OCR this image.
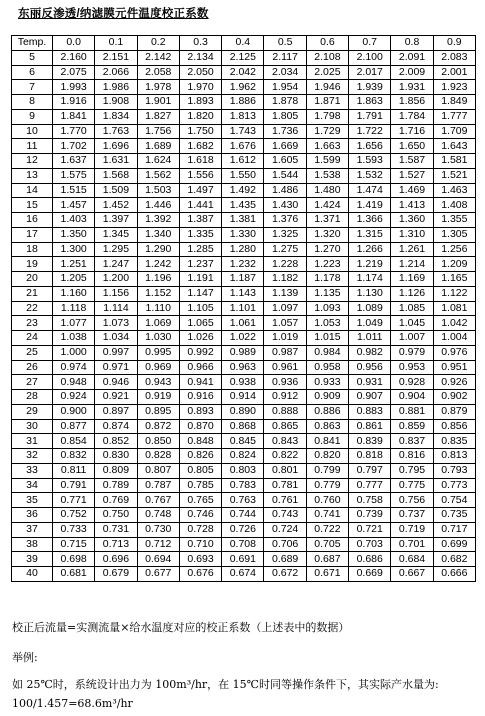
东丽反渗透/纳滤膜元件温度校正系数
Temp.	0.0	0.1	0.2	0.3	0.4	0.5	0.6	0.7	0.8	0.9
5	2.160	2.151	2.142	2.134	2.125	2.117	2.108	2.100	2.091	2.083
6	2.075	2.066	2.058	2.050	2.042	2.034	2.025	2.017	2.009	2.001
7	1.993	1.986	1.978	1.970	1.962	1.954	1.946	1.939	1.931	1.923
8	1.916	1.908	1.901	1.893	1.886	1.878	1.871	1.863	1.856	1.849
9	1.841	1.834	1.827	1.820	1.813	1.805	1.798	1.791	1.784	1.777
10	1.770	1.763	1.756	1.750	1.743	1.736	1.729	1.722	1.716	1.709
11	1.702	1.696	1.689	1.682	1.676	1.669	1.663	1.656	1.650	1.643
12	1.637	1.631	1.624	1.618	1.612	1.605	1.599	1.593	1.587	1.581
13	1.575	1.568	1.562	1.556	1.550	1.544	1.538	1.532	1.527	1.521
14	1.515	1.509	1.503	1.497	1.492	1.486	1.480	1.474	1.469	1.463
15	1.457	1.452	1.446	1.441	1.435	1.430	1.424	1.419	1.413	1.408
16	1.403	1.397	1.392	1.387	1.381	1.376	1.371	1.366	1.360	1.355
17	1.350	1.345	1.340	1.335	1.330	1.325	1.320	1.315	1.310	1.305
18	1.300	1.295	1.290	1.285	1.280	1.275	1.270	1.266	1.261	1.256
19	1.251	1.247	1.242	1.237	1.232	1.228	1.223	1.219	1.214	1.209
20	1.205	1.200	1.196	1.191	1.187	1.182	1.178	1.174	1.169	1.165
21	1.160	1.156	1.152	1.147	1.143	1.139	1.135	1.130	1.126	1.122
22	1.118	1.114	1.110	1.105	1.101	1.097	1.093	1.089	1.085	1.081
23	1.077	1.073	1.069	1.065	1.061	1.057	1.053	1.049	1.045	1.042
24	1.038	1.034	1.030	1.026	1.022	1.019	1.015	1.011	1.007	1.004
25	1.000	0.997	0.995	0.992	0.989	0.987	0.984	0.982	0.979	0.976
26	0.974	0.971	0.969	0.966	0.963	0.961	0.958	0.956	0.953	0.951
27	0.948	0.946	0.943	0.941	0.938	0.936	0.933	0.931	0.928	0.926
28	0.924	0.921	0.919	0.916	0.914	0.912	0.909	0.907	0.904	0.902
29	0.900	0.897	0.895	0.893	0.890	0.888	0.886	0.883	0.881	0.879
30	0.877	0.874	0.872	0.870	0.868	0.865	0.863	0.861	0.859	0.856
31	0.854	0.852	0.850	0.848	0.845	0.843	0.841	0.839	0.837	0.835
32	0.832	0.830	0.828	0.826	0.824	0.822	0.820	0.818	0.816	0.813
33	0.811	0.809	0.807	0.805	0.803	0.801	0.799	0.797	0.795	0.793
34	0.791	0.789	0.787	0.785	0.783	0.781	0.779	0.777	0.775	0.773
35	0.771	0.769	0.767	0.765	0.763	0.761	0.760	0.758	0.756	0.754
36	0.752	0.750	0.748	0.746	0.744	0.743	0.741	0.739	0.737	0.735
37	0.733	0.731	0.730	0.728	0.726	0.724	0.722	0.721	0.719	0.717
38	0.715	0.713	0.712	0.710	0.708	0.706	0.705	0.703	0.701	0.699
39	0.698	0.696	0.694	0.693	0.691	0.689	0.687	0.686	0.684	0.682
40	0.681	0.679	0.677	0.676	0.674	0.672	0.671	0.669	0.667	0.666
校正后流量=实测流量×给水温度对应的校正系数（上述表中的数据）
举例:
如 25℃时，系统设计出力为 100m³/hr，在 15℃时同等操作条件下，其实际产水量为:
100/1.457=68.6m³/hr
